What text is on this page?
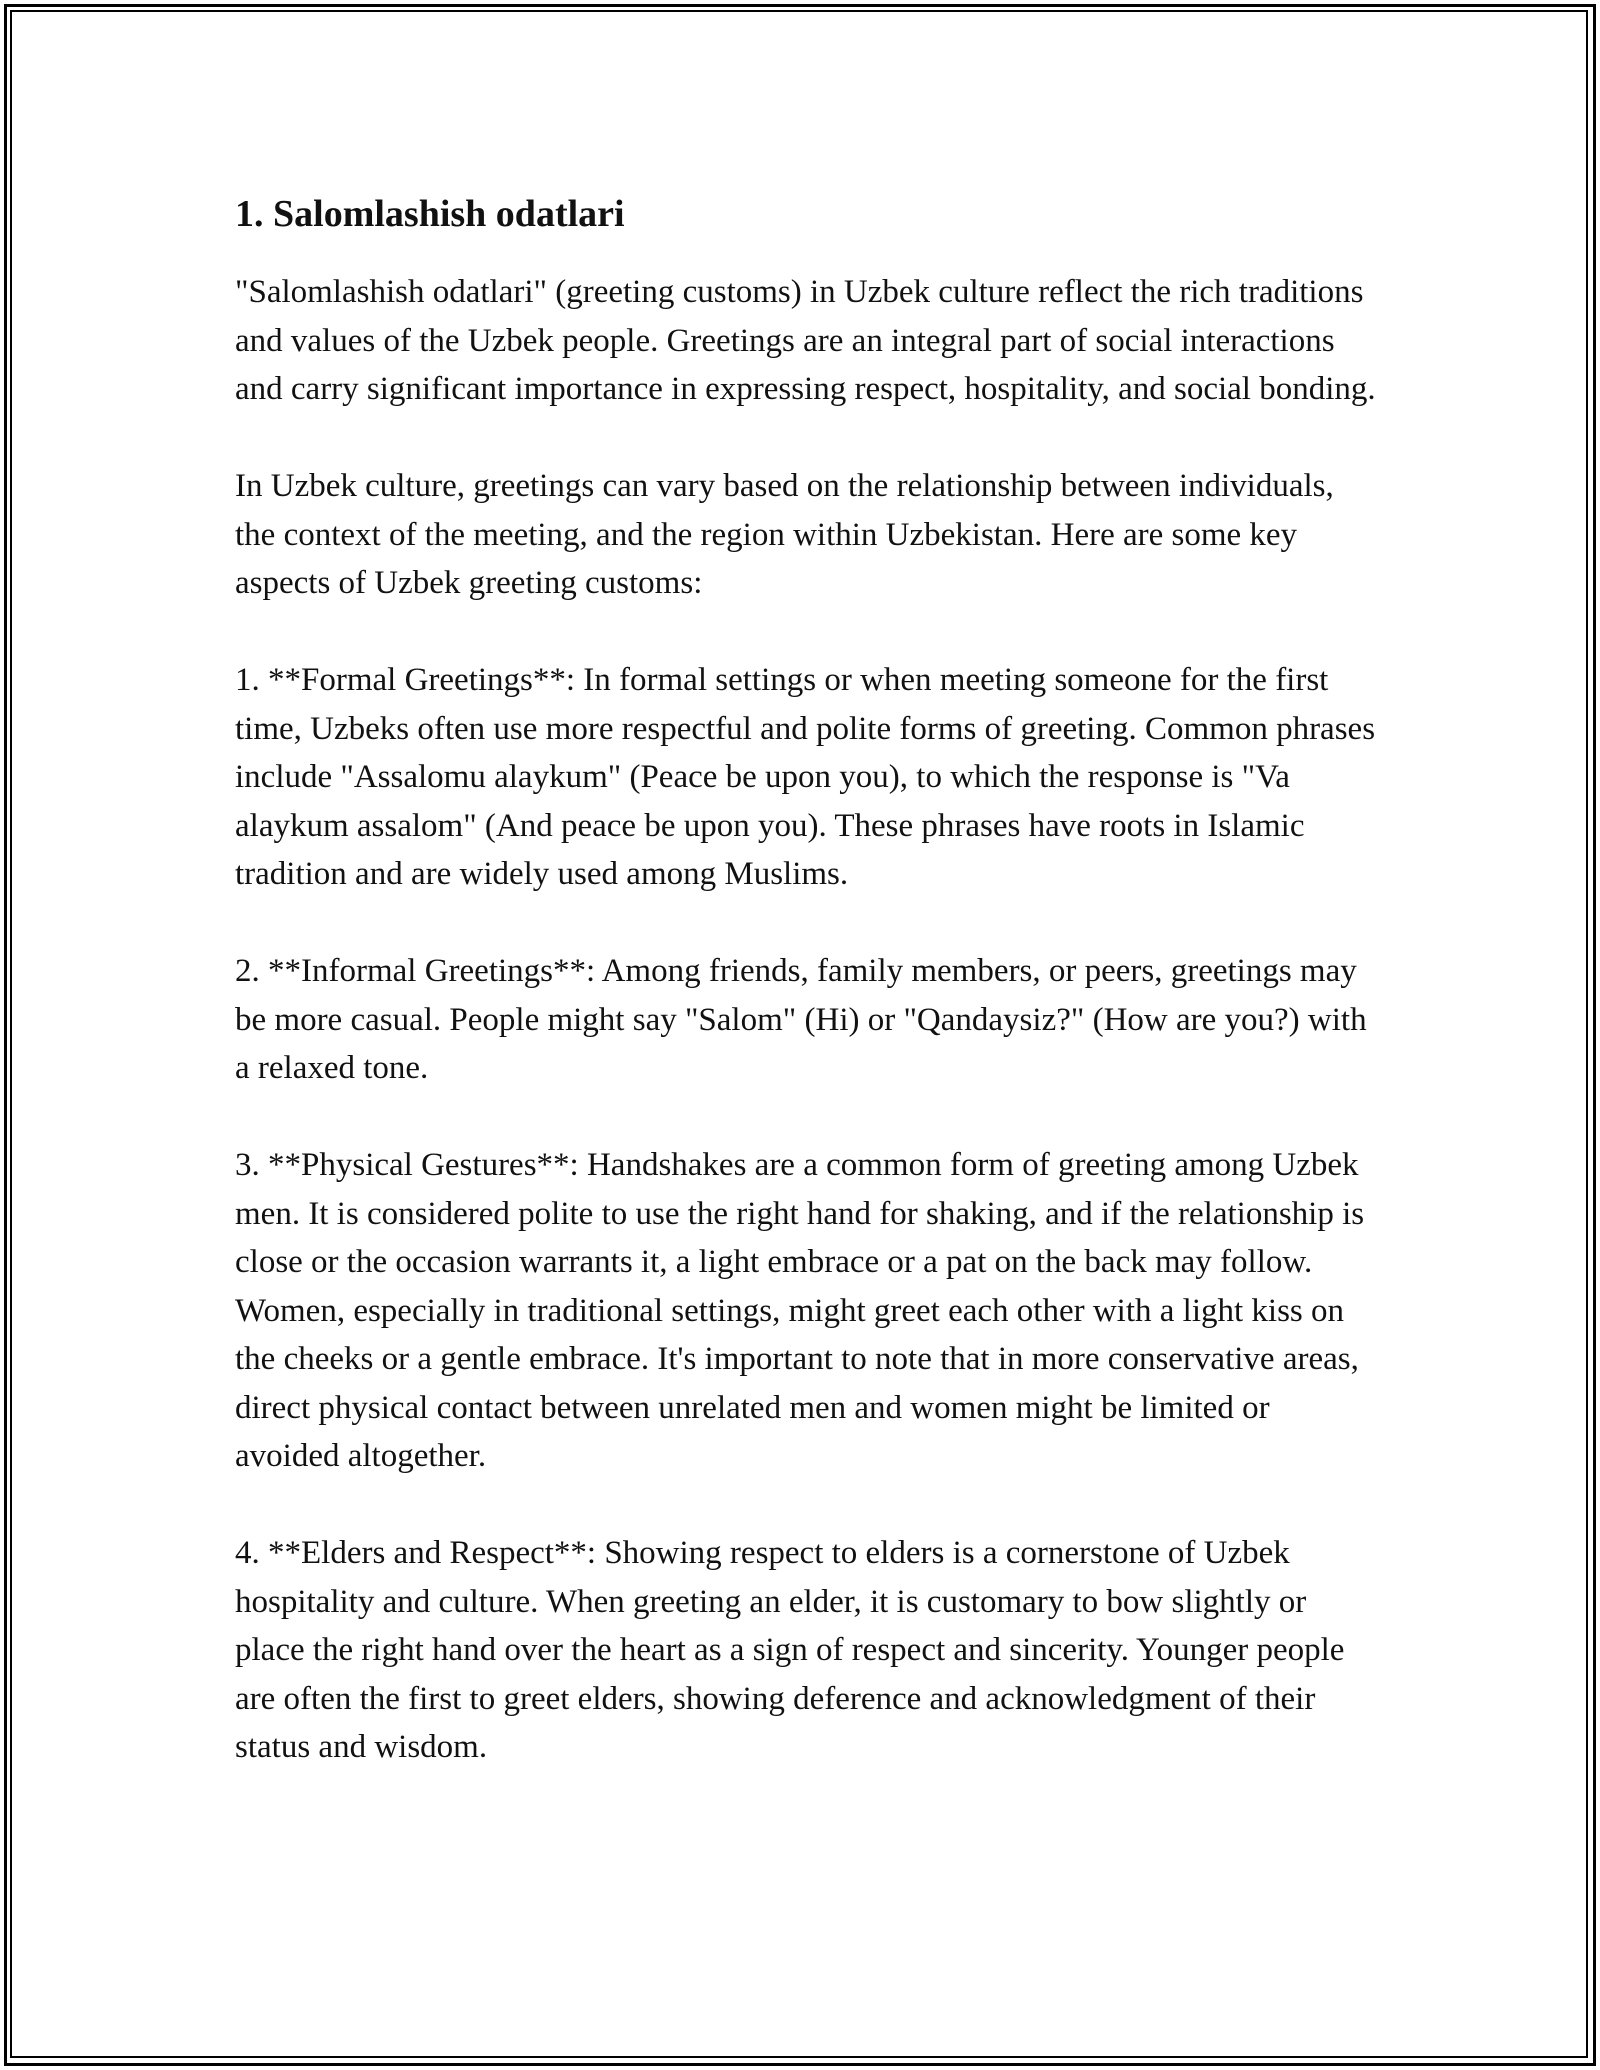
1. Salomlashish odatlari

"Salomlashish odatlari" (greeting customs) in Uzbek culture reflect the rich traditions and values of the Uzbek people. Greetings are an integral part of social interactions and carry significant importance in expressing respect, hospitality, and social bonding.

In Uzbek culture, greetings can vary based on the relationship between individuals, the context of the meeting, and the region within Uzbekistan. Here are some key aspects of Uzbek greeting customs:

1. **Formal Greetings**: In formal settings or when meeting someone for the first time, Uzbeks often use more respectful and polite forms of greeting. Common phrases include "Assalomu alaykum" (Peace be upon you), to which the response is "Va alaykum assalom" (And peace be upon you). These phrases have roots in Islamic tradition and are widely used among Muslims.

2. **Informal Greetings**: Among friends, family members, or peers, greetings may be more casual. People might say "Salom" (Hi) or "Qandaysiz?" (How are you?) with a relaxed tone.

3. **Physical Gestures**: Handshakes are a common form of greeting among Uzbek men. It is considered polite to use the right hand for shaking, and if the relationship is close or the occasion warrants it, a light embrace or a pat on the back may follow. Women, especially in traditional settings, might greet each other with a light kiss on the cheeks or a gentle embrace. It's important to note that in more conservative areas, direct physical contact between unrelated men and women might be limited or avoided altogether.

4. **Elders and Respect**: Showing respect to elders is a cornerstone of Uzbek hospitality and culture. When greeting an elder, it is customary to bow slightly or place the right hand over the heart as a sign of respect and sincerity. Younger people are often the first to greet elders, showing deference and acknowledgment of their status and wisdom.
